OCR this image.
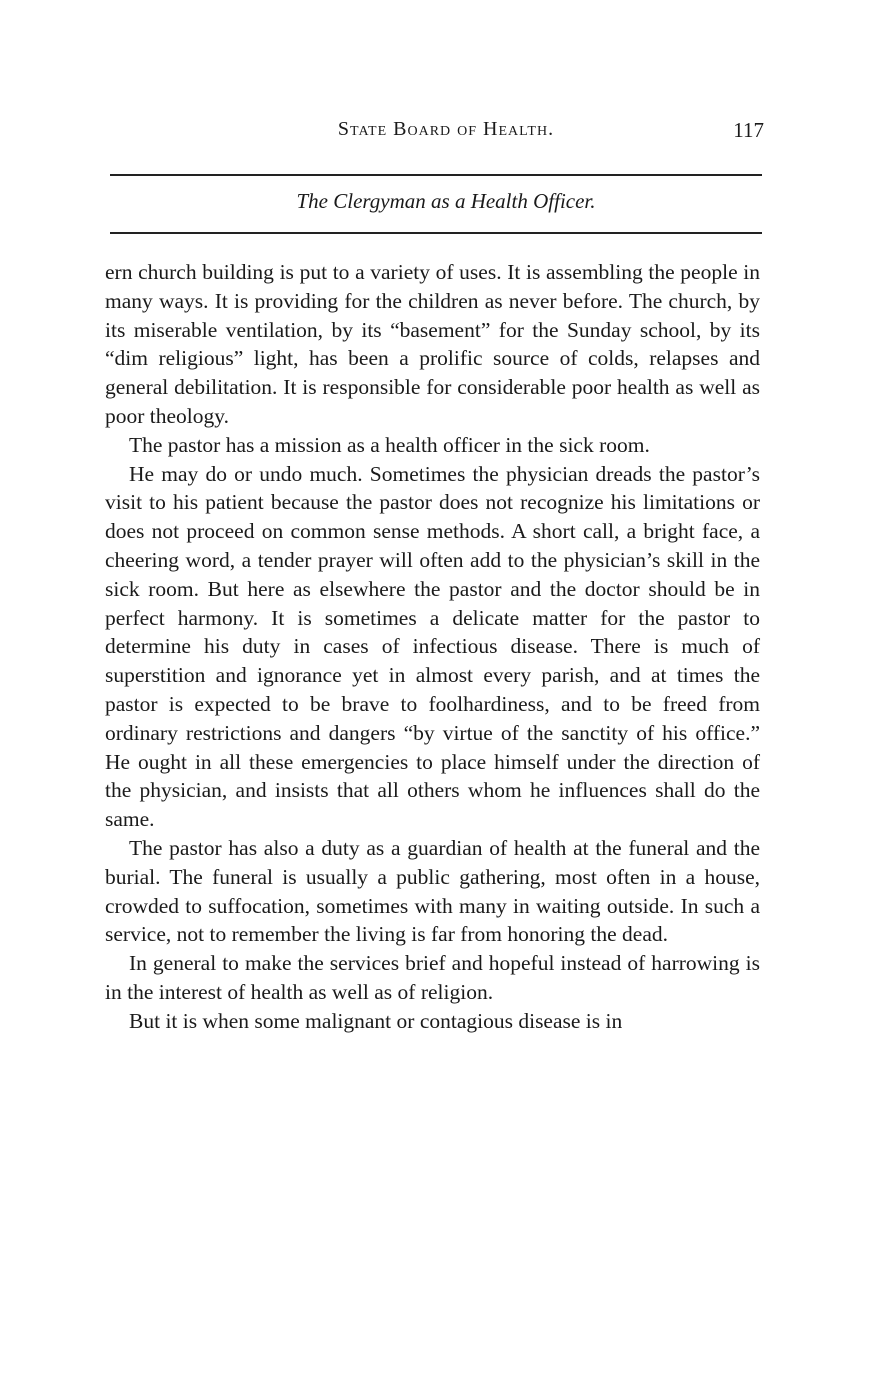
State Board of Health.	117
The Clergyman as a Health Officer.

ern church building is put to a variety of uses. It is assembling the people in many ways. It is providing for the children as never before. The church, by its miserable ventilation, by its “basement” for the Sunday school, by its “dim religious” light, has been a prolific source of colds, relapses and general debilitation. It is responsible for considerable poor health as well as poor theology.

The pastor has a mission as a health officer in the sick room.

He may do or undo much. Sometimes the physician dreads the pastor’s visit to his patient because the pastor does not recognize his limitations or does not proceed on common sense methods. A short call, a bright face, a cheering word, a tender prayer will often add to the physician’s skill in the sick room. But here as elsewhere the pastor and the doctor should be in perfect harmony. It is sometimes a delicate matter for the pastor to determine his duty in cases of infectious disease. There is much of superstition and ignorance yet in almost every parish, and at times the pastor is expected to be brave to foolhardiness, and to be freed from ordinary restrictions and dangers “by virtue of the sanctity of his office.” He ought in all these emergencies to place himself under the direction of the physician, and insists that all others whom he influences shall do the same.

The pastor has also a duty as a guardian of health at the funeral and the burial. The funeral is usually a public gathering, most often in a house, crowded to suffocation, sometimes with many in waiting outside. In such a service, not to remember the living is far from honoring the dead.

In general to make the services brief and hopeful instead of harrowing is in the interest of health as well as of religion.

But it is when some malignant or contagious disease is in
